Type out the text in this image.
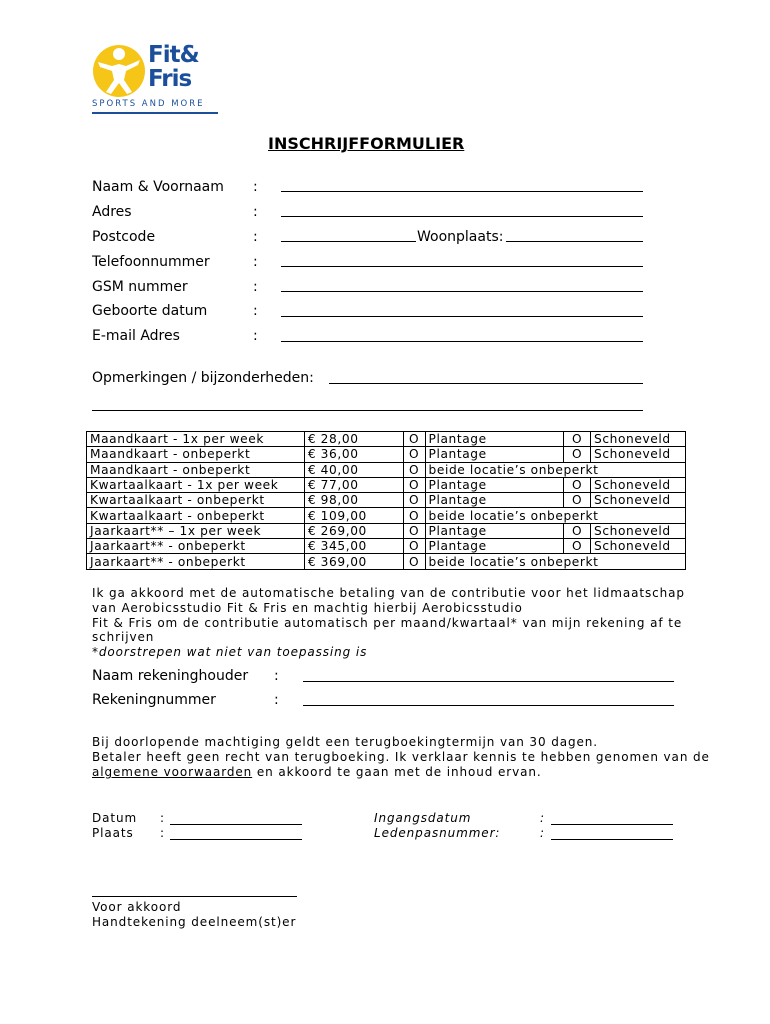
Fit&
Fris
SPORTS AND MORE
INSCHRIJFFORMULIER
Naam & Voornaam :
Adres	:
Postcode	:	Woonplaats:
Telefoonnummer	:
GSM nummer	:
Geboorte datum	:
E-mail Adres	:
Opmerkingen / bijzonderheden:
Maandkaart - 1x per week	€ 28,00	O	Plantage	O	Schoneveld
Maandkaart - onbeperkt	€ 36,00	O	Plantage	O	Schoneveld
Maandkaart - onbeperkt	€ 40,00	O	beide locatie’s onbeperkt		
Kwartaalkaart - 1x per week	€ 77,00	O	Plantage	O	Schoneveld
Kwartaalkaart - onbeperkt	€ 98,00	O	Plantage	O	Schoneveld
Kwartaalkaart - onbeperkt	€ 109,00	O	beide locatie’s onbeperkt		
Jaarkaart** – 1x per week	€ 269,00	O	Plantage	O	Schoneveld
Jaarkaart** - onbeperkt	€ 345,00	O	Plantage	O	Schoneveld
Jaarkaart** - onbeperkt	€ 369,00	O	beide locatie’s onbeperkt		
Ik ga akkoord met de automatische betaling van de contributie voor het lidmaatschap
van Aerobicsstudio Fit & Fris en machtig hierbij Aerobicsstudio
Fit & Fris om de contributie automatisch per maand/kwartaal* van mijn rekening af te
schrijven
*doorstrepen wat niet van toepassing is
Naam rekeninghouder :
Rekeningnummer	:
Bij doorlopende machtiging geldt een terugboekingtermijn van 30 dagen.
Betaler heeft geen recht van terugboeking. Ik verklaar kennis te hebben genomen van de
algemene voorwaarden en akkoord te gaan met de inhoud ervan.
Datum :
Plaats :
Ingangsdatum	:
Ledenpasnummer:	:
Voor akkoord
Handtekening deelneem(st)er
